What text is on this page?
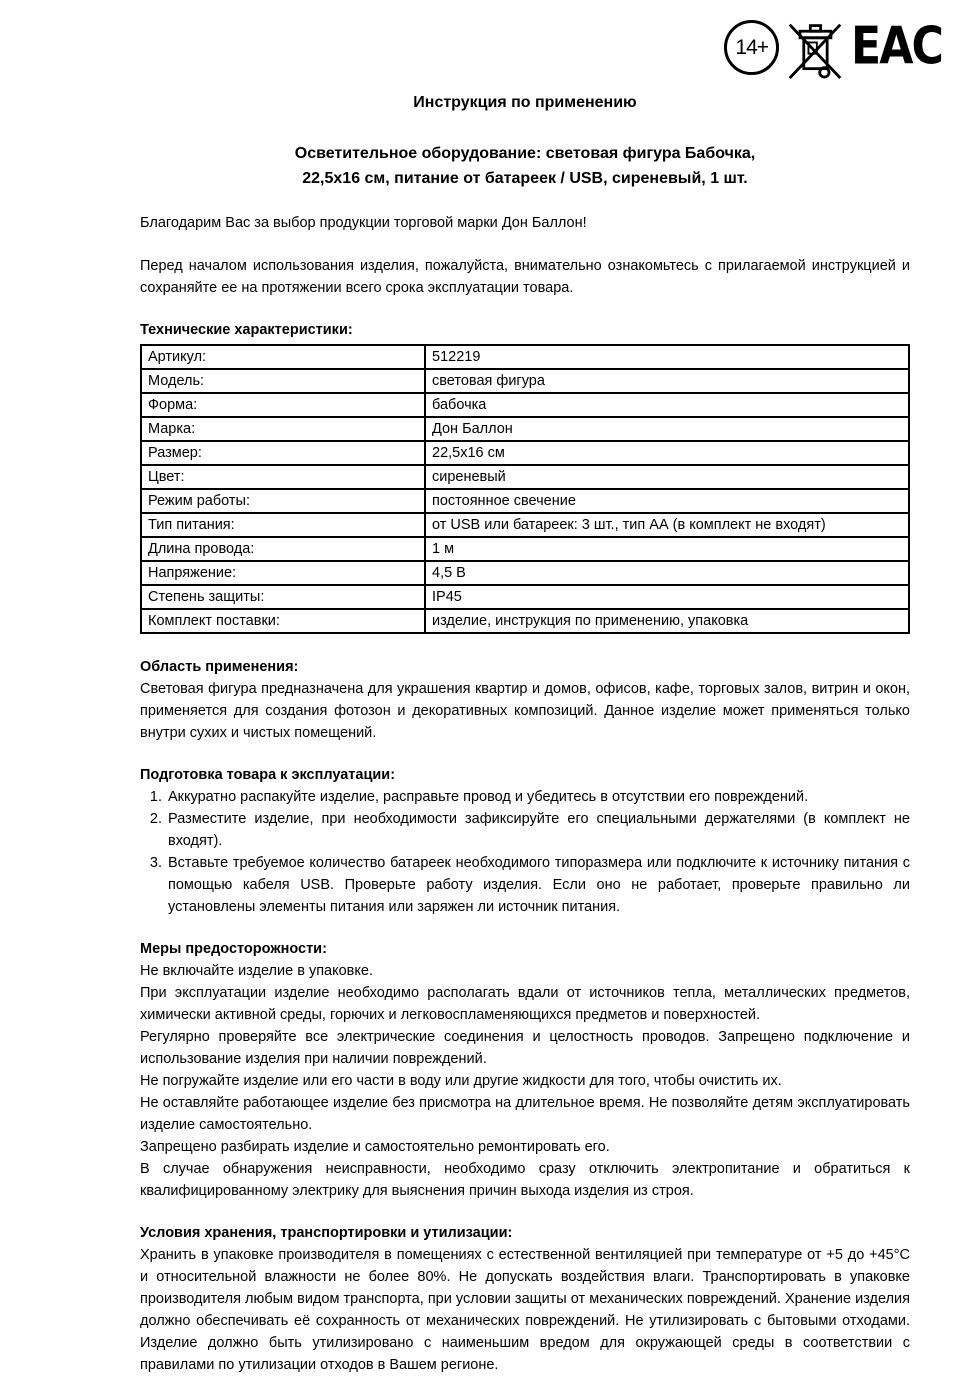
14+ EAC
Инструкция по применению
Осветительное оборудование: световая фигура Бабочка,
22,5х16 см, питание от батареек / USB, сиреневый, 1 шт.

Благодарим Вас за выбор продукции торговой марки Дон Баллон!

Перед началом использования изделия, пожалуйста, внимательно ознакомьтесь с прилагаемой инструкцией и сохраняйте ее на протяжении всего срока эксплуатации товара.

Технические характеристики:
Артикул:	512219
Модель:	световая фигура
Форма:	бабочка
Марка:	Дон Баллон
Размер:	22,5х16 см
Цвет:	сиреневый
Режим работы:	постоянное свечение
Тип питания:	от USB или батареек: 3 шт., тип АА (в комплект не входят)
Длина провода:	1 м
Напряжение:	4,5 В
Степень защиты:	IP45
Комплект поставки:	изделие, инструкция по применению, упаковка
Область применения:

Световая фигура предназначена для украшения квартир и домов, офисов, кафе, торговых залов, витрин и окон, применяется для создания фотозон и декоративных композиций. Данное изделие может применяться только внутри сухих и чистых помещений.

Подготовка товара к эксплуатации:
1. Аккуратно распакуйте изделие, расправьте провод и убедитесь в отсутствии его повреждений.
2. Разместите изделие, при необходимости зафиксируйте его специальными держателями (в комплект не входят).
3. Вставьте требуемое количество батареек необходимого типоразмера или подключите к источнику питания с помощью кабеля USB. Проверьте работу изделия. Если оно не работает, проверьте правильно ли установлены элементы питания или заряжен ли источник питания.
Меры предосторожности:

Не включайте изделие в упаковке.

При эксплуатации изделие необходимо располагать вдали от источников тепла, металлических предметов, химически активной среды, горючих и легковоспламеняющихся предметов и поверхностей.

Регулярно проверяйте все электрические соединения и целостность проводов. Запрещено подключение и использование изделия при наличии повреждений.

Не погружайте изделие или его части в воду или другие жидкости для того, чтобы очистить их.

Не оставляйте работающее изделие без присмотра на длительное время. Не позволяйте детям эксплуатировать изделие самостоятельно.

Запрещено разбирать изделие и самостоятельно ремонтировать его.

В случае обнаружения неисправности, необходимо сразу отключить электропитание и обратиться к квалифицированному электрику для выяснения причин выхода изделия из строя.

Условия хранения, транспортировки и утилизации:

Хранить в упаковке производителя в помещениях с естественной вентиляцией при температуре от +5 до +45°С и относительной влажности не более 80%. Не допускать воздействия влаги. Транспортировать в упаковке производителя любым видом транспорта, при условии защиты от механических повреждений. Хранение изделия должно обеспечивать её сохранность от механических повреждений. Не утилизировать с бытовыми отходами. Изделие должно быть утилизировано с наименьшим вредом для окружающей среды в соответствии с правилами по утилизации отходов в Вашем регионе.
